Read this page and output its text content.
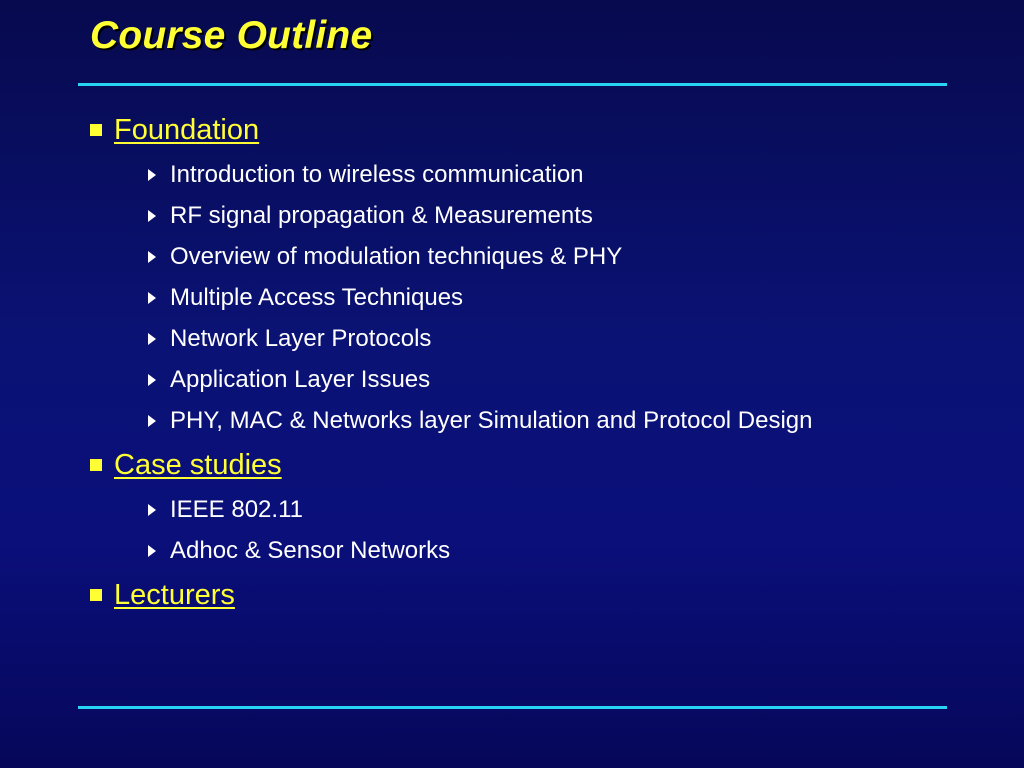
Course Outline
Foundation
Introduction to wireless communication
RF signal propagation & Measurements
Overview of modulation techniques & PHY
Multiple Access Techniques
Network Layer Protocols
Application Layer Issues
PHY, MAC & Networks layer Simulation and Protocol Design
Case studies
IEEE 802.11
Adhoc & Sensor Networks
Lecturers
